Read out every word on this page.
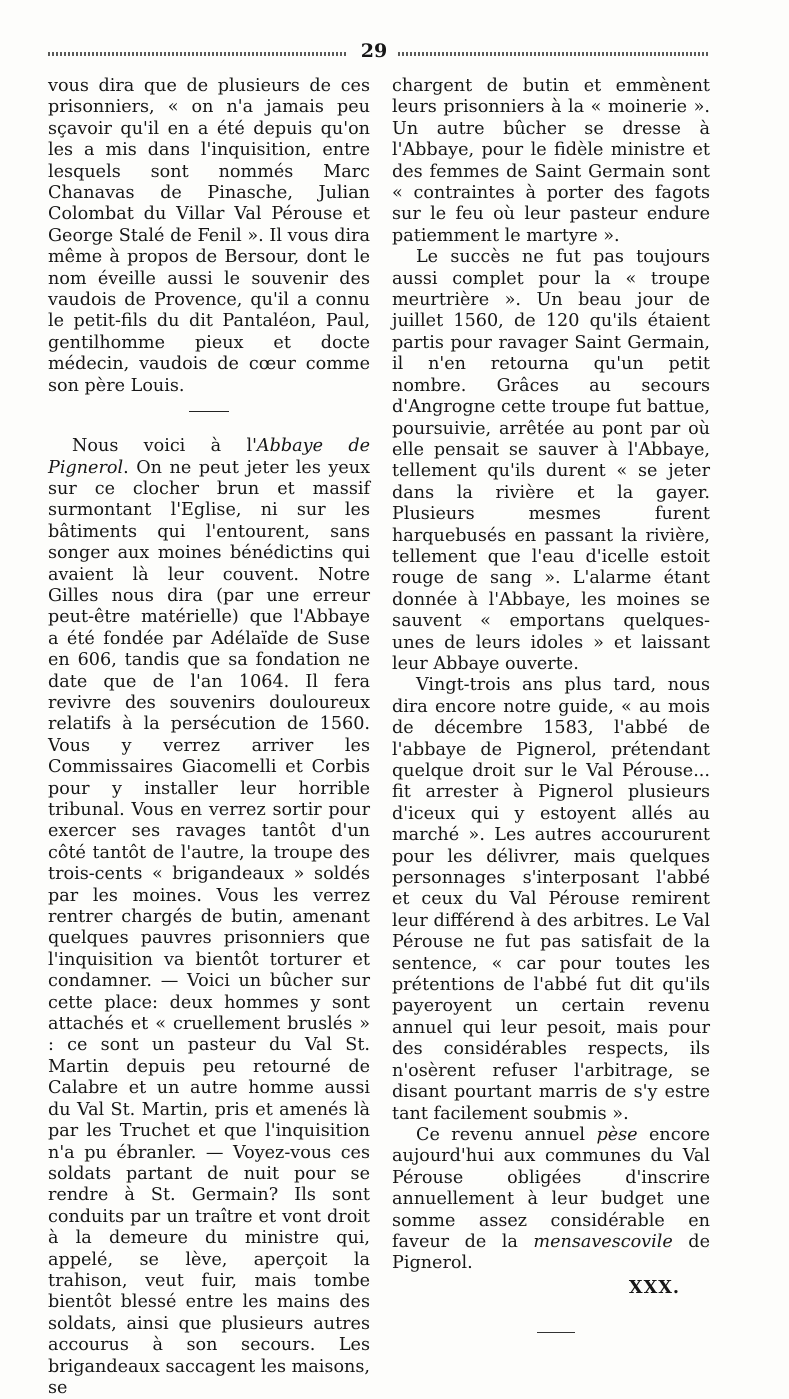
29

vous dira que de plusieurs de ces prisonniers, « on n'a jamais peu sçavoir qu'il en a été depuis qu'on les a mis dans l'inquisition, entre lesquels sont nommés Marc Chanavas de Pinasche, Julian Colombat du Villar Val Pérouse et George Stalé de Fenil ». Il vous dira même à propos de Bersour, dont le nom éveille aussi le souvenir des vaudois de Provence, qu'il a connu le petit-fils du dit Pantaléon, Paul, gentilhomme pieux et docte médecin, vaudois de cœur comme son père Louis.

Nous voici à l'Abbaye de Pignerol. On ne peut jeter les yeux sur ce clocher brun et massif surmontant l'Eglise, ni sur les bâtiments qui l'entourent, sans songer aux moines bénédictins qui avaient là leur couvent. Notre Gilles nous dira (par une erreur peut-être matérielle) que l'Abbaye a été fondée par Adélaïde de Suse en 606, tandis que sa fondation ne date que de l'an 1064. Il fera revivre des souvenirs douloureux relatifs à la persécution de 1560. Vous y verrez arriver les Commissaires Giacomelli et Corbis pour y installer leur horrible tribunal. Vous en verrez sortir pour exercer ses ravages tantôt d'un côté tantôt de l'autre, la troupe des trois-cents « brigandeaux » soldés par les moines. Vous les verrez rentrer chargés de butin, amenant quelques pauvres prisonniers que l'inquisition va bientôt torturer et condamner. — Voici un bûcher sur cette place: deux hommes y sont attachés et « cruellement bruslés » : ce sont un pasteur du Val St. Martin depuis peu retourné de Calabre et un autre homme aussi du Val St. Martin, pris et amenés là par les Truchet et que l'inquisition n'a pu ébranler. — Voyez-vous ces soldats partant de nuit pour se rendre à St. Germain? Ils sont conduits par un traître et vont droit à la demeure du ministre qui, appelé, se lève, aperçoit la trahison, veut fuir, mais tombe bientôt blessé entre les mains des soldats, ainsi que plusieurs autres accourus à son secours. Les brigandeaux saccagent les maisons, se

chargent de butin et emmènent leurs prisonniers à la « moinerie ». Un autre bûcher se dresse à l'Abbaye, pour le fidèle ministre et des femmes de Saint Germain sont « contraintes à porter des fagots sur le feu où leur pasteur endure patiemment le martyre ».

Le succès ne fut pas toujours aussi complet pour la « troupe meurtrière ». Un beau jour de juillet 1560, de 120 qu'ils étaient partis pour ravager Saint Germain, il n'en retourna qu'un petit nombre. Grâces au secours d'Angrogne cette troupe fut battue, poursuivie, arrêtée au pont par où elle pensait se sauver à l'Abbaye, tellement qu'ils durent « se jeter dans la rivière et la gayer. Plusieurs mesmes furent harquebusés en passant la rivière, tellement que l'eau d'icelle estoit rouge de sang ». L'alarme étant donnée à l'Abbaye, les moines se sauvent « emportans quelques-unes de leurs idoles » et laissant leur Abbaye ouverte.

Vingt-trois ans plus tard, nous dira encore notre guide, « au mois de décembre 1583, l'abbé de l'abbaye de Pignerol, prétendant quelque droit sur le Val Pérouse... fit arrester à Pignerol plusieurs d'iceux qui y estoyent allés au marché ». Les autres accoururent pour les délivrer, mais quelques personnages s'interposant l'abbé et ceux du Val Pérouse remirent leur différend à des arbitres. Le Val Pérouse ne fut pas satisfait de la sentence, « car pour toutes les prétentions de l'abbé fut dit qu'ils payeroyent un certain revenu annuel qui leur pesoit, mais pour des considérables respects, ils n'osèrent refuser l'arbitrage, se disant pourtant marris de s'y estre tant facilement soubmis ».

Ce revenu annuel pèse encore aujourd'hui aux communes du Val Pérouse obligées d'inscrire annuellement à leur budget une somme assez considérable en faveur de la mensavescovile de Pignerol.

XXX.
